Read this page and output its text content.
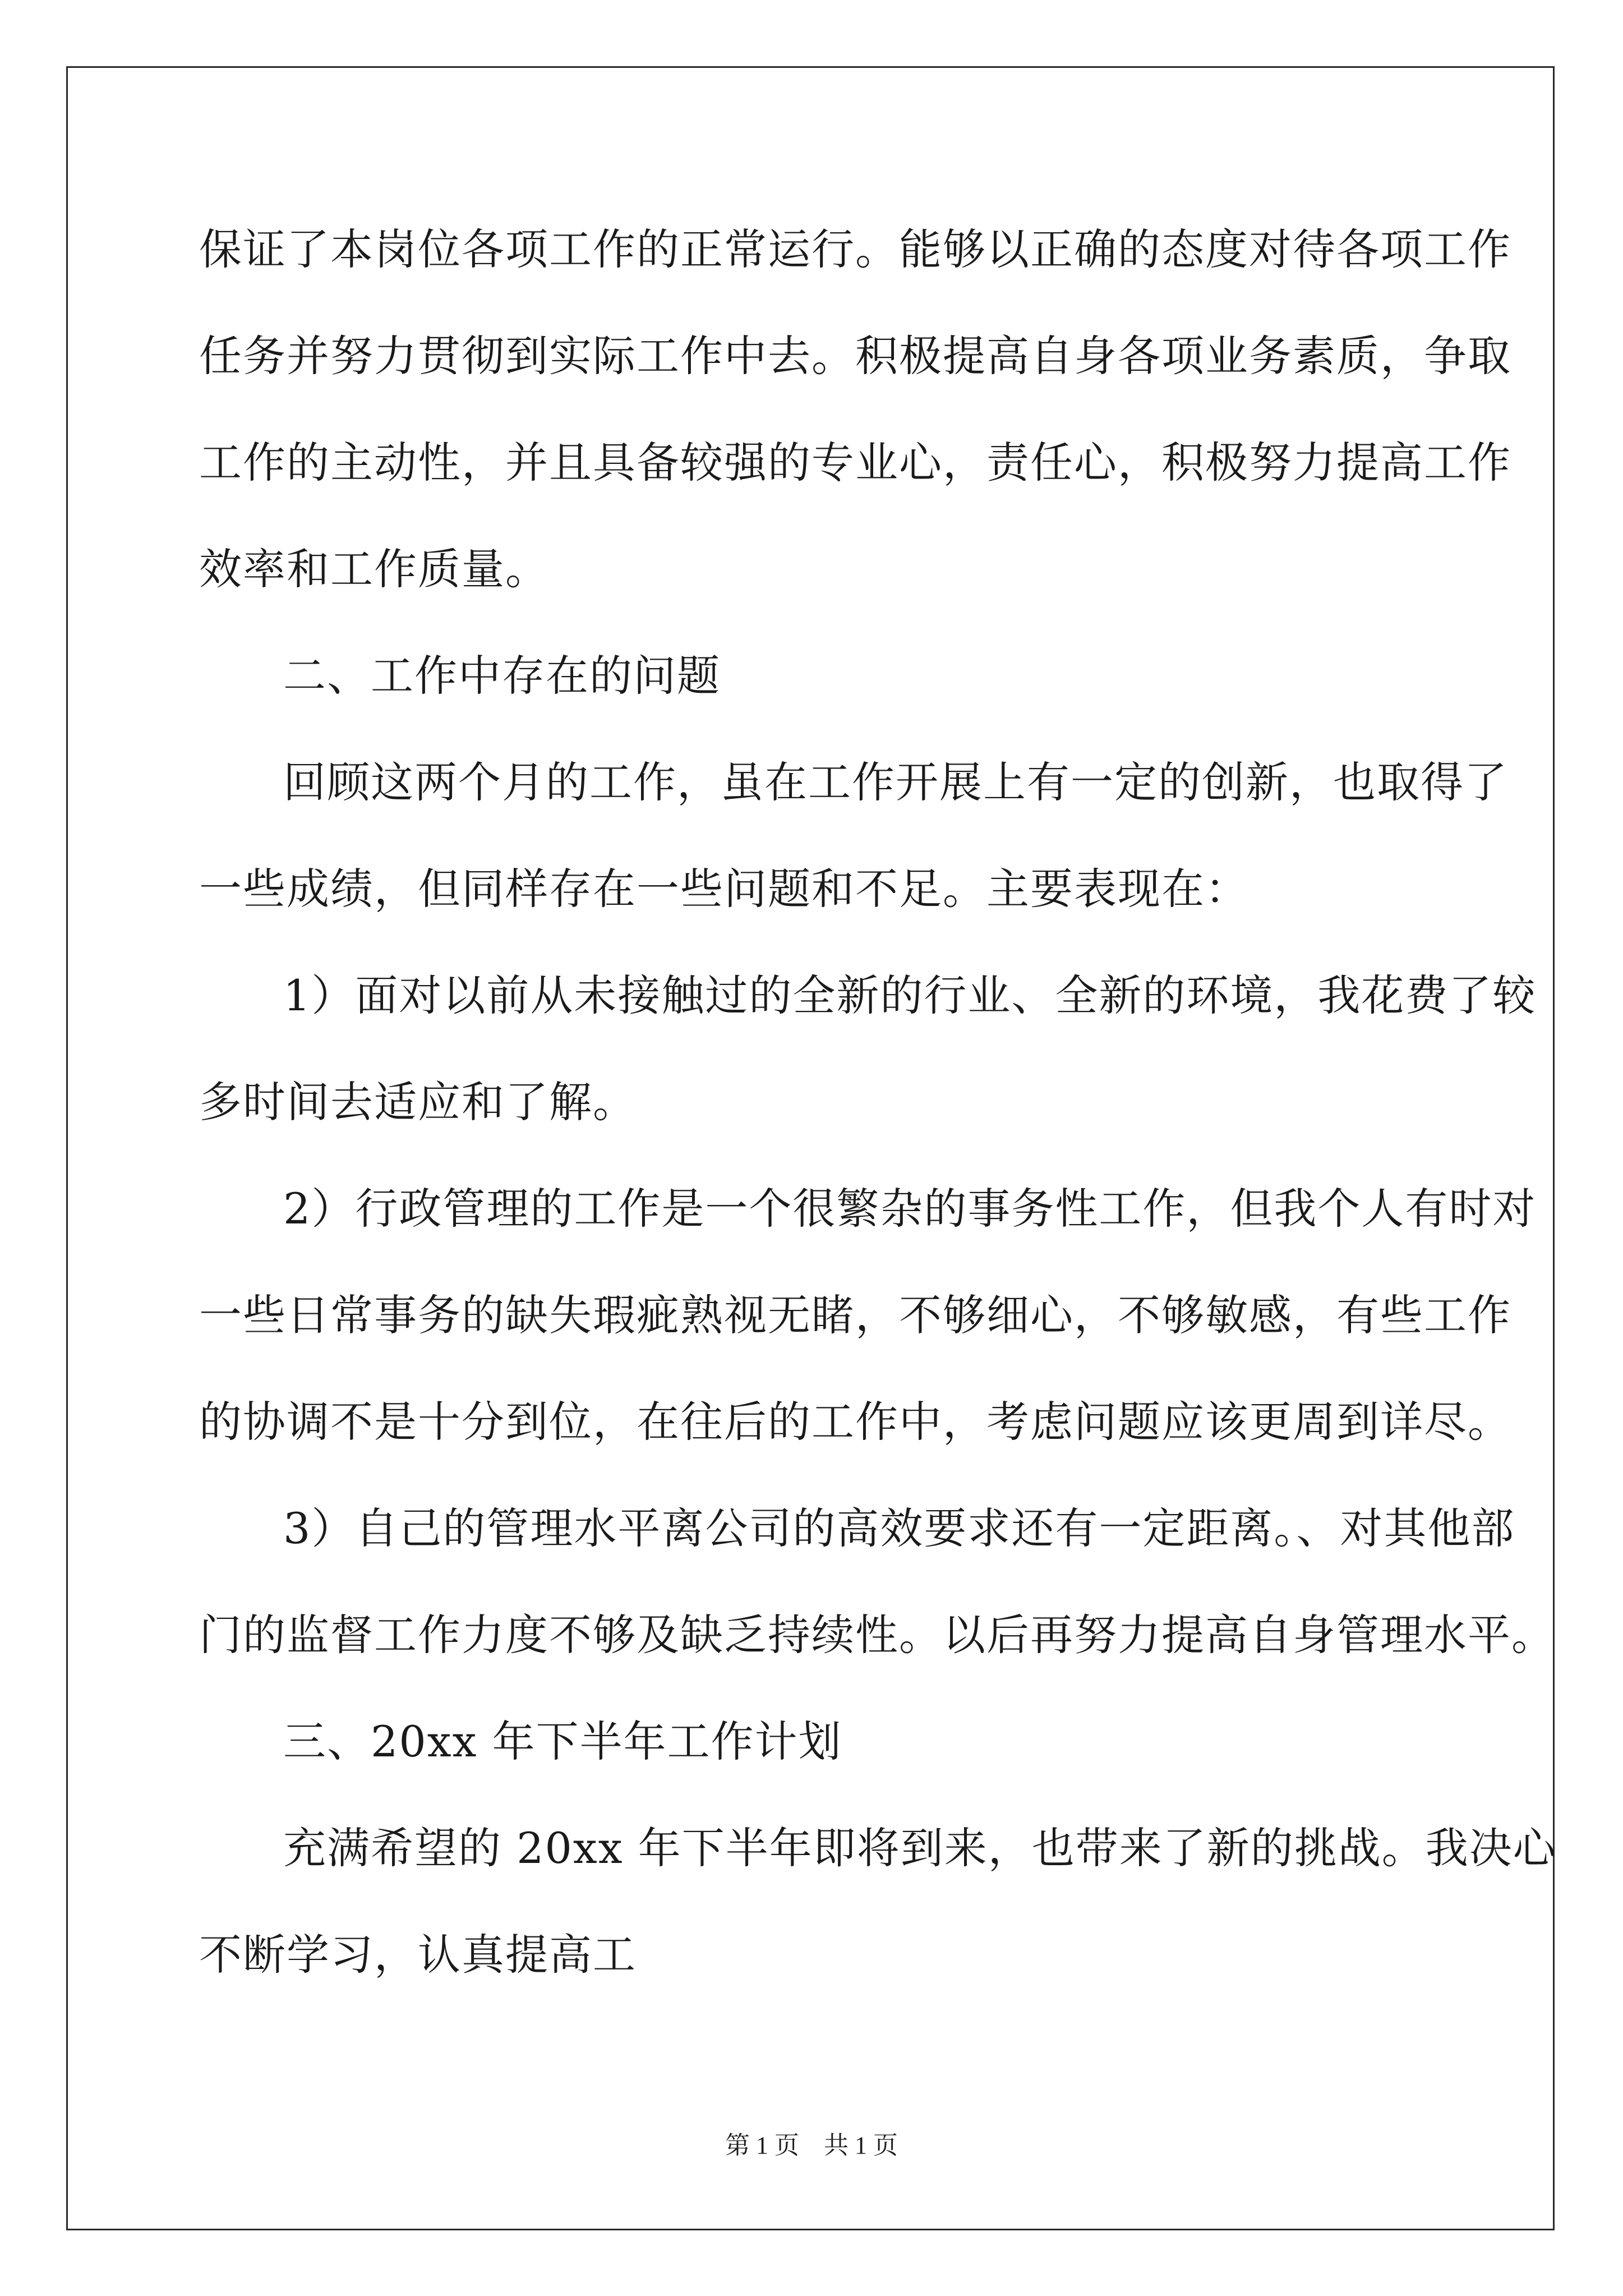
保证了本岗位各项工作的正常运行。能够以正确的态度对待各项工作
任务并努力贯彻到实际工作中去。积极提高自身各项业务素质，争取
工作的主动性，并且具备较强的专业心，责任心，积极努力提高工作
效率和工作质量。
二、工作中存在的问题
回顾这两个月的工作，虽在工作开展上有一定的创新，也取得了
一些成绩，但同样存在一些问题和不足。主要表现在：
1）面对以前从未接触过的全新的行业、全新的环境，我花费了较
多时间去适应和了解。
2）行政管理的工作是一个很繁杂的事务性工作，但我个人有时对
一些日常事务的缺失瑕疵熟视无睹，不够细心，不够敏感，有些工作
的协调不是十分到位，在往后的工作中，考虑问题应该更周到详尽。
3）自己的管理水平离公司的高效要求还有一定距离。、对其他部
门的监督工作力度不够及缺乏持续性。以后再努力提高自身管理水平。
三、20xx 年下半年工作计划
充满希望的 20xx 年下半年即将到来，也带来了新的挑战。我决心
不断学习，认真提高工
第 1 页　共 1 页
